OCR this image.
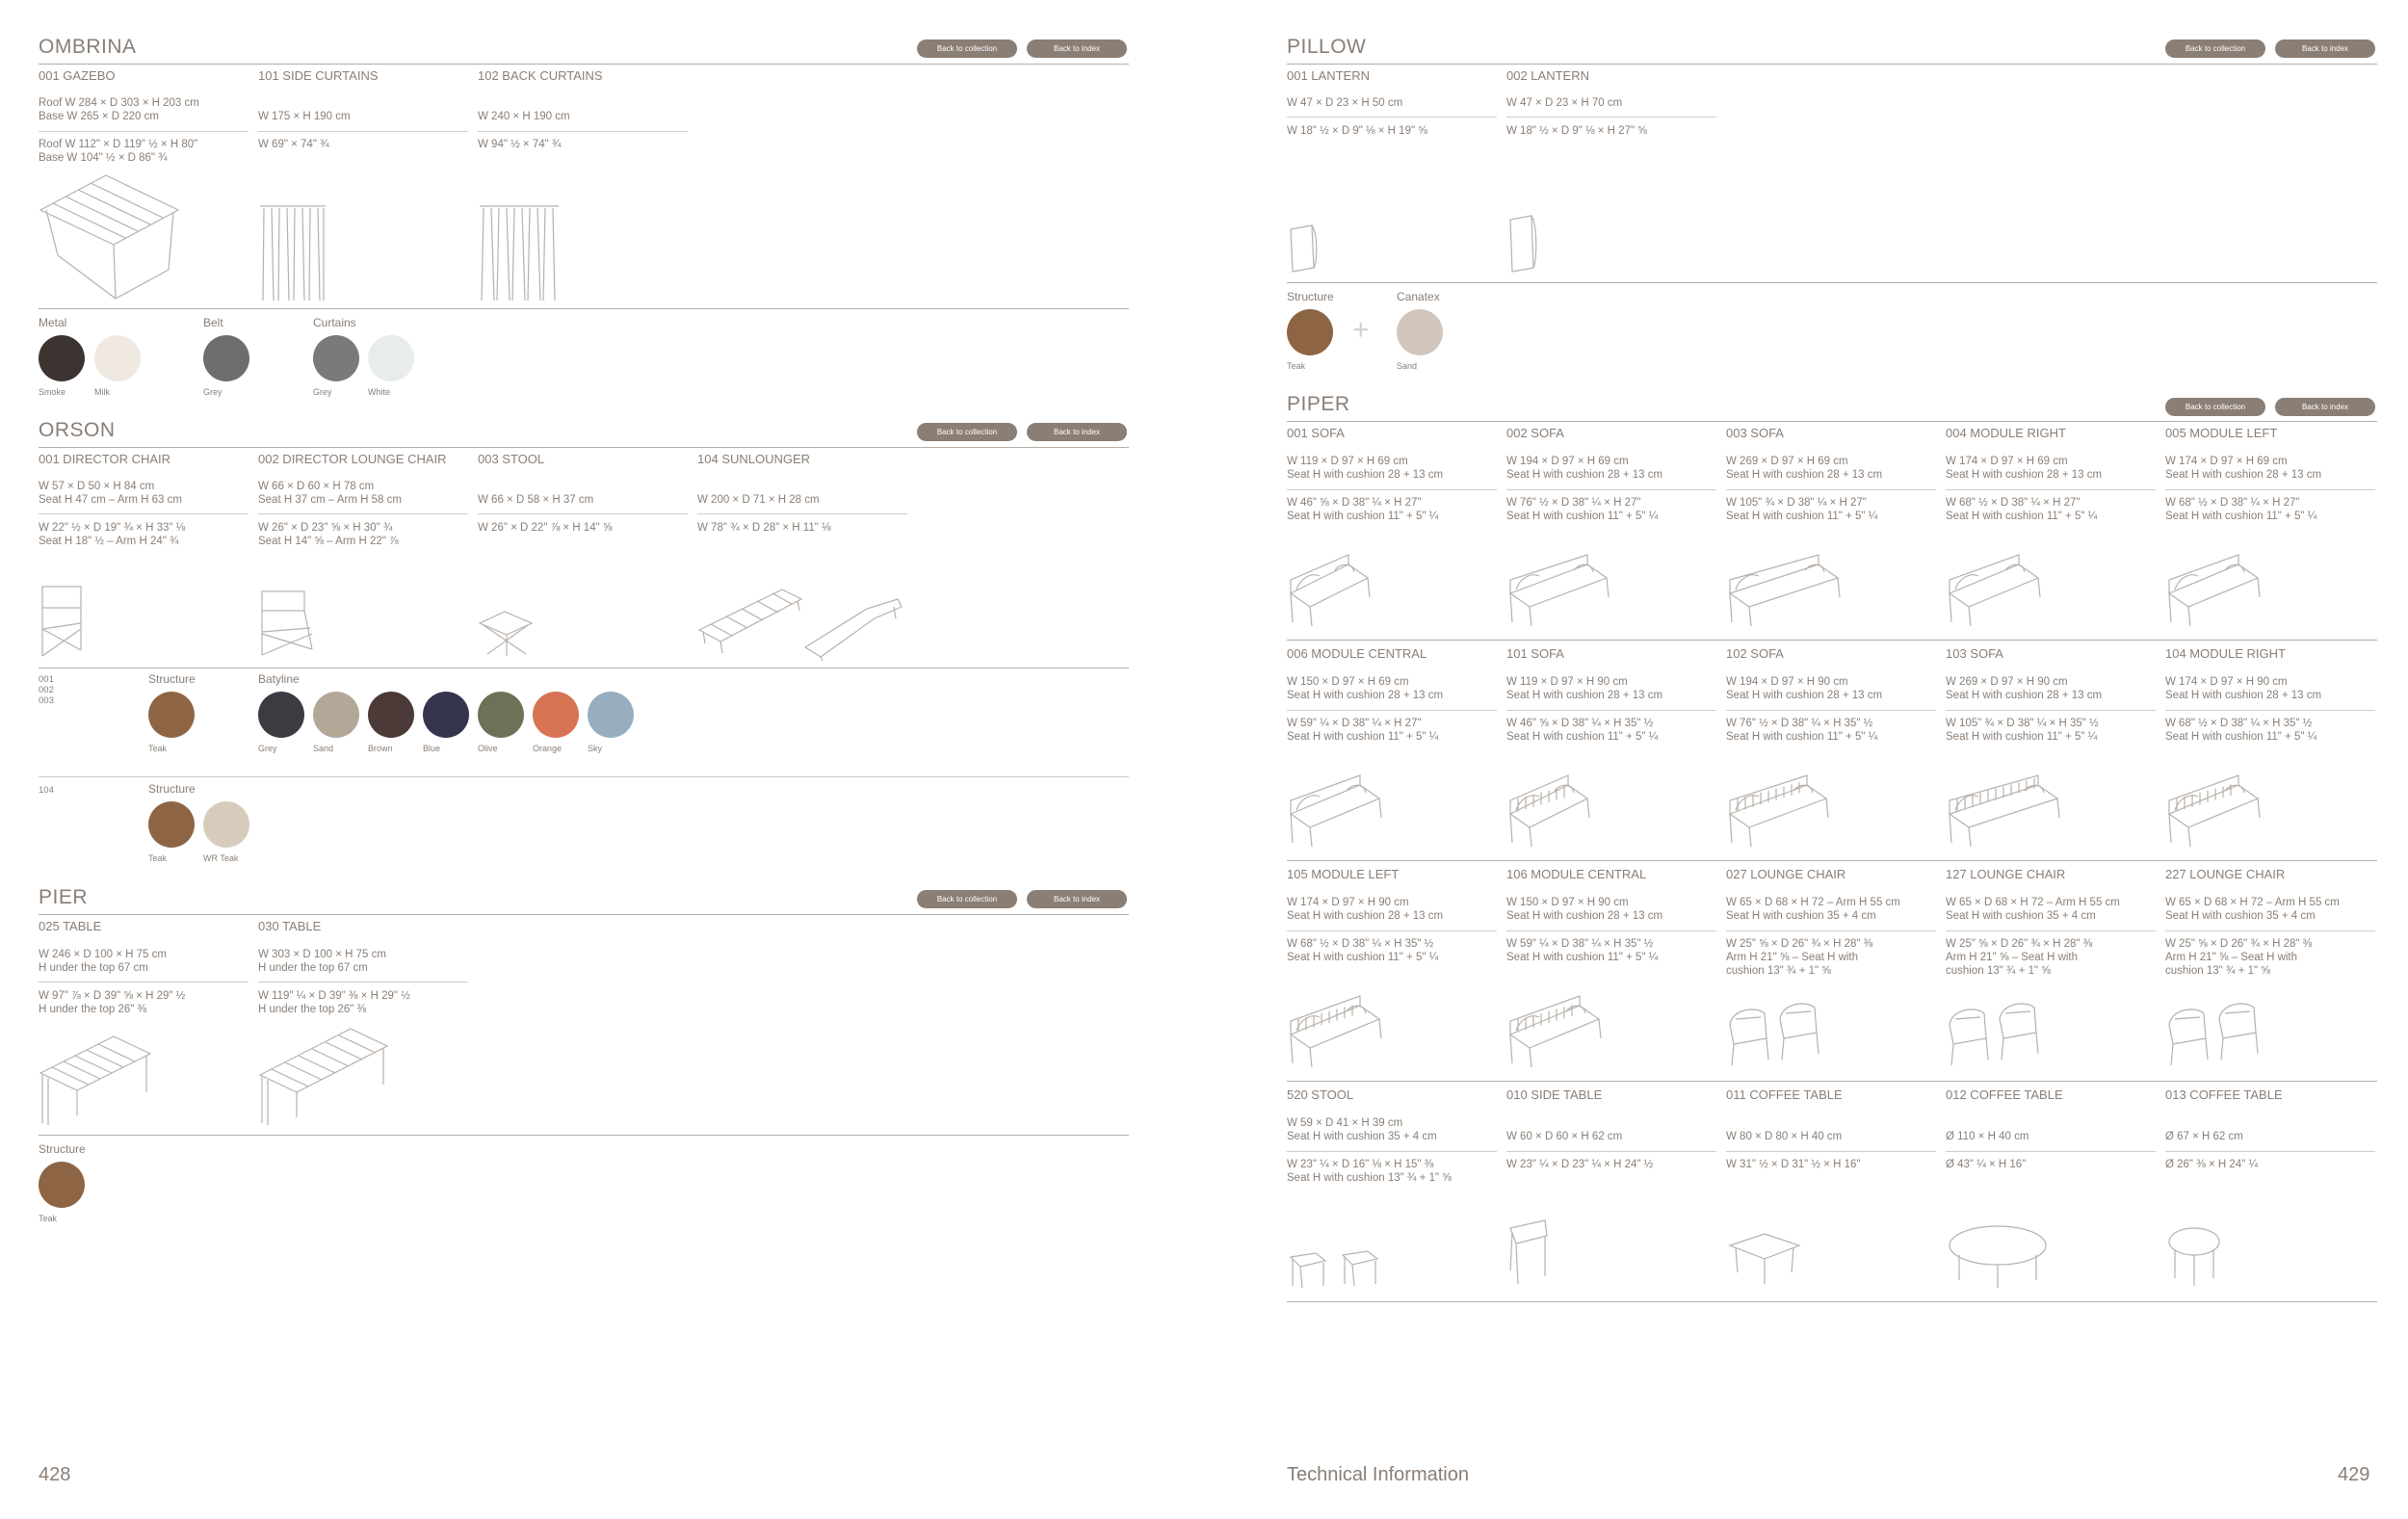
OMBRINA	Back to collection	Back to index
001 GAZEBO
Roof W 284 × D 303 × H 203 cm
Base W 265 × D 220 cm
Roof W 112" × D 119" ½ × H 80"
Base W 104" ½ × D 86" ¾
101 SIDE CURTAINS
W 175 × H 190 cm
W 69" × 74" ¾
102 BACK CURTAINS
W 240 × H 190 cm
W 94" ½ × 74" ¾
Metal
Smoke	Milk
Belt
Grey
Curtains
Grey	White
ORSON	Back to collection	Back to index
001 DIRECTOR CHAIR
W 57 × D 50 × H 84 cm
Seat H 47 cm – Arm H 63 cm
W 22" ½ × D 19" ¾ × H 33" ⅛
Seat H 18" ½ – Arm H 24" ¾
002 DIRECTOR LOUNGE CHAIR
W 66 × D 60 × H 78 cm
Seat H 37 cm – Arm H 58 cm
W 26" × D 23" ⅝ × H 30" ¾
Seat H 14" ⅝ – Arm H 22" ⅞
003 STOOL
W 66 × D 58 × H 37 cm
W 26" × D 22" ⅞ × H 14" ⅝
104 SUNLOUNGER
W 200 × D 71 × H 28 cm
W 78" ¾ × D 28" × H 11" ⅛
001
002
003
Structure
Teak
Batyline
Grey	Sand	Brown	Blue	Olive	Orange	Sky
104	Structure
Teak	WR Teak
PIER	Back to collection	Back to index
025 TABLE
W 246 × D 100 × H 75 cm
H under the top 67 cm
W 97" ⅞ × D 39" ⅝ × H 29" ½
H under the top 26" ⅜
030 TABLE
W 303 × D 100 × H 75 cm
H under the top 67 cm
W 119" ¼ × D 39" ⅜ × H 29" ½
H under the top 26" ⅜
Structure
Teak
428
PILLOW	Back to collection	Back to index
001 LANTERN
W 47 × D 23 × H 50 cm
W 18" ½ × D 9" ⅛ × H 19" ⅝
002 LANTERN
W 47 × D 23 × H 70 cm
W 18" ½ × D 9" ⅛ × H 27" ⅝
Structure
Teak
+
Canatex
Sand
PIPER	Back to collection	Back to index
001 SOFA
W 119 × D 97 × H 69 cm
Seat H with cushion 28 + 13 cm
W 46" ⅝ × D 38" ¼ × H 27"
Seat H with cushion 11" + 5" ¼
002 SOFA
W 194 × D 97 × H 69 cm
Seat H with cushion 28 + 13 cm
W 76" ½ × D 38" ¼ × H 27"
Seat H with cushion 11" + 5" ¼
003 SOFA
W 269 × D 97 × H 69 cm
Seat H with cushion 28 + 13 cm
W 105" ¾ × D 38" ¼ × H 27"
Seat H with cushion 11" + 5" ¼
004 MODULE RIGHT
W 174 × D 97 × H 69 cm
Seat H with cushion 28 + 13 cm
W 68" ½ × D 38" ¼ × H 27"
Seat H with cushion 11" + 5" ¼
005 MODULE LEFT
W 174 × D 97 × H 69 cm
Seat H with cushion 28 + 13 cm
W 68" ½ × D 38" ¼ × H 27"
Seat H with cushion 11" + 5" ¼
006 MODULE CENTRAL
W 150 × D 97 × H 69 cm
Seat H with cushion 28 + 13 cm
W 59" ¼ × D 38" ¼ × H 27"
Seat H with cushion 11" + 5" ¼
101 SOFA
W 119 × D 97 × H 90 cm
Seat H with cushion 28 + 13 cm
W 46" ⅝ × D 38" ¼ × H 35" ½
Seat H with cushion 11" + 5" ¼
102 SOFA
W 194 × D 97 × H 90 cm
Seat H with cushion 28 + 13 cm
W 76" ½ × D 38" ¼ × H 35" ½
Seat H with cushion 11" + 5" ¼
103 SOFA
W 269 × D 97 × H 90 cm
Seat H with cushion 28 + 13 cm
W 105" ¾ × D 38" ¼ × H 35" ½
Seat H with cushion 11" + 5" ¼
104 MODULE RIGHT
W 174 × D 97 × H 90 cm
Seat H with cushion 28 + 13 cm
W 68" ½ × D 38" ¼ × H 35" ½
Seat H with cushion 11" + 5" ¼
105 MODULE LEFT
W 174 × D 97 × H 90 cm
Seat H with cushion 28 + 13 cm
W 68" ½ × D 38" ¼ × H 35" ½
Seat H with cushion 11" + 5" ¼
106 MODULE CENTRAL
W 150 × D 97 × H 90 cm
Seat H with cushion 28 + 13 cm
W 59" ¼ × D 38" ¼ × H 35" ½
Seat H with cushion 11" + 5" ¼
027 LOUNGE CHAIR
W 65 × D 68 × H 72 – Arm H 55 cm
Seat H with cushion 35 + 4 cm
W 25" ⅝ × D 26" ¾ × H 28" ⅜
Arm H 21" ⅝ – Seat H with
cushion 13" ¾ + 1" ⅝
127 LOUNGE CHAIR
W 65 × D 68 × H 72 – Arm H 55 cm
Seat H with cushion 35 + 4 cm
W 25" ⅝ × D 26" ¾ × H 28" ⅜
Arm H 21" ⅝ – Seat H with
cushion 13" ¾ + 1" ⅝
227 LOUNGE CHAIR
W 65 × D 68 × H 72 – Arm H 55 cm
Seat H with cushion 35 + 4 cm
W 25" ⅝ × D 26" ¾ × H 28" ⅜
Arm H 21" ⅝ – Seat H with
cushion 13" ¾ + 1" ⅝
520 STOOL
W 59 × D 41 × H 39 cm
Seat H with cushion 35 + 4 cm
W 23" ¼ × D 16" ⅛ × H 15" ⅜
Seat H with cushion 13" ¾ + 1" ⅝
010 SIDE TABLE
W 60 × D 60 × H 62 cm
W 23" ¼ × D 23" ¼ × H 24" ½
011 COFFEE TABLE
W 80 × D 80 × H 40 cm
W 31" ½ × D 31" ½ × H 16"
012 COFFEE TABLE
Ø 110 × H 40 cm
Ø 43" ¼ × H 16"
013 COFFEE TABLE
Ø 67 × H 62 cm
Ø 26" ⅜ × H 24" ¼
Technical Information	429
